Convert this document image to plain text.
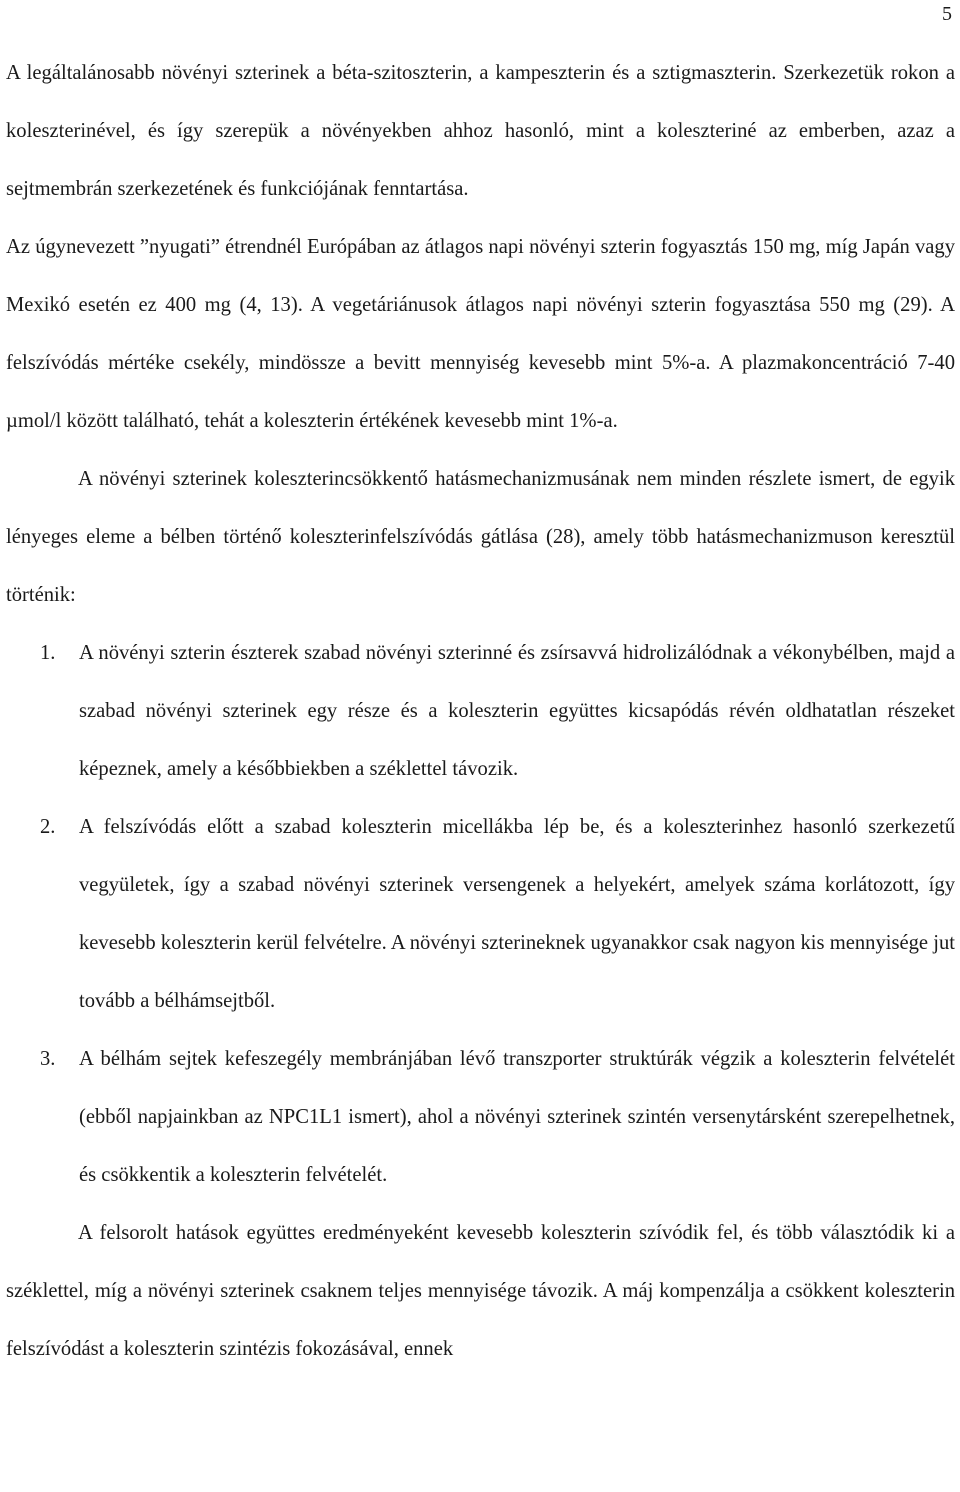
5

A legáltalánosabb növényi szterinek a béta-szitoszterin, a kampeszterin és a sztigmaszterin. Szerkezetük rokon a koleszterinével, és így szerepük a növényekben ahhoz hasonló, mint a koleszteriné az emberben, azaz a sejtmembrán szerkezetének és funkciójának fenntartása.

Az úgynevezett ”nyugati” étrendnél Európában az átlagos napi növényi szterin fogyasztás 150 mg, míg Japán vagy Mexikó esetén ez 400 mg (4, 13). A vegetáriánusok átlagos napi növényi szterin fogyasztása 550 mg (29). A felszívódás mértéke csekély, mindössze a bevitt mennyiség kevesebb mint 5%-a. A plazmakoncentráció 7-40 µmol/l között található, tehát a koleszterin értékének kevesebb mint 1%-a.

A növényi szterinek koleszterincsökkentő hatásmechanizmusának nem minden részlete ismert, de egyik lényeges eleme a bélben történő koleszterinfelszívódás gátlása (28), amely több hatásmechanizmuson keresztül történik:

1. A növényi szterin észterek szabad növényi szterinné és zsírsavvá hidrolizálódnak a vékonybélben, majd a szabad növényi szterinek egy része és a koleszterin együttes kicsapódás révén oldhatatlan részeket képeznek, amely a későbbiekben a széklettel távozik.
2. A felszívódás előtt a szabad koleszterin micellákba lép be, és a koleszterinhez hasonló szerkezetű vegyületek, így a szabad növényi szterinek versengenek a helyekért, amelyek száma korlátozott, így kevesebb koleszterin kerül felvételre. A növényi szterineknek ugyanakkor csak nagyon kis mennyisége jut tovább a bélhámsejtből.
3. A bélhám sejtek kefeszegély membránjában lévő transzporter struktúrák végzik a koleszterin felvételét (ebből napjainkban az NPC1L1 ismert), ahol a növényi szterinek szintén versenytársként szerepelhetnek, és csökkentik a koleszterin felvételét.

A felsorolt hatások együttes eredményeként kevesebb koleszterin szívódik fel, és több választódik ki a széklettel, míg a növényi szterinek csaknem teljes mennyisége távozik. A máj kompenzálja a csökkent koleszterin felszívódást a koleszterin szintézis fokozásával, ennek
